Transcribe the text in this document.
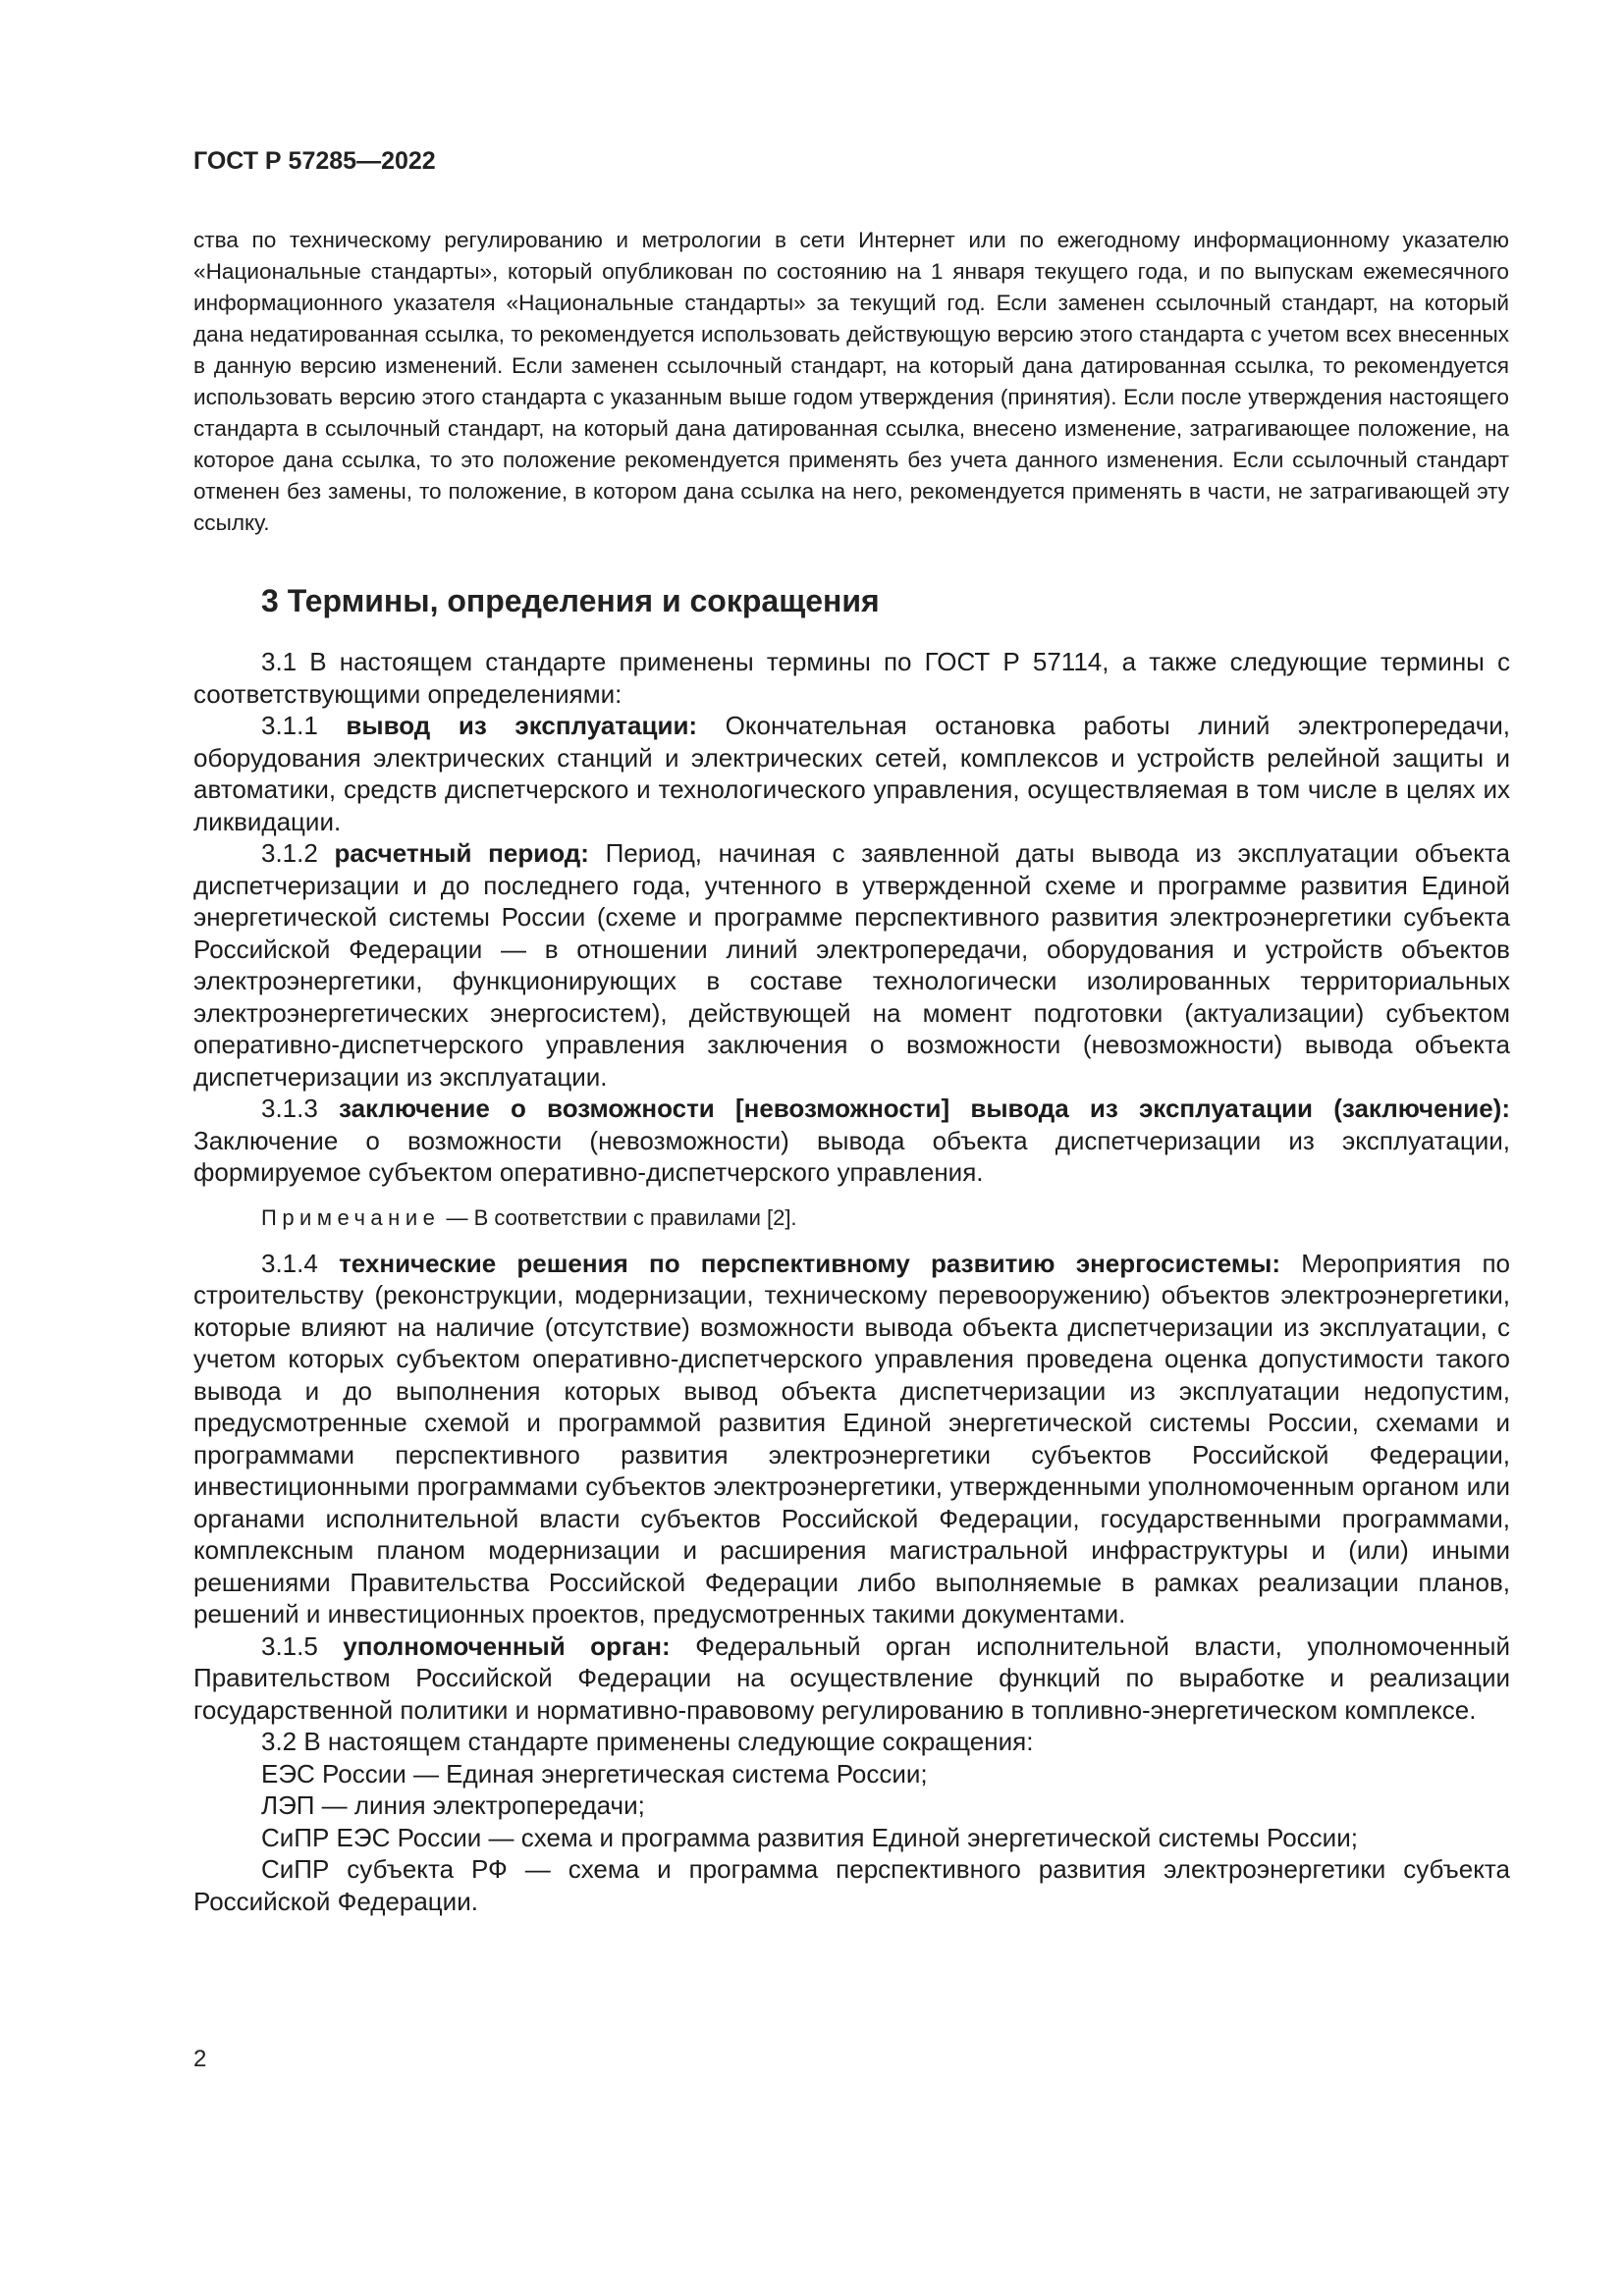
ГОСТ Р 57285—2022
ства по техническому регулированию и метрологии в сети Интернет или по ежегодному информационному указателю «Национальные стандарты», который опубликован по состоянию на 1 января текущего года, и по выпускам ежемесячного информационного указателя «Национальные стандарты» за текущий год. Если заменен ссылочный стандарт, на который дана недатированная ссылка, то рекомендуется использовать действующую версию этого стандарта с учетом всех внесенных в данную версию изменений. Если заменен ссылочный стандарт, на который дана датированная ссылка, то рекомендуется использовать версию этого стандарта с указанным выше годом утверждения (принятия). Если после утверждения настоящего стандарта в ссылочный стандарт, на который дана датированная ссылка, внесено изменение, затрагивающее положение, на которое дана ссылка, то это положение рекомендуется применять без учета данного изменения. Если ссылочный стандарт отменен без замены, то положение, в котором дана ссылка на него, рекомендуется применять в части, не затрагивающей эту ссылку.
3 Термины, определения и сокращения

3.1 В настоящем стандарте применены термины по ГОСТ Р 57114, а также следующие термины с соответствующими определениями:

3.1.1 вывод из эксплуатации: Окончательная остановка работы линий электропередачи, оборудования электрических станций и электрических сетей, комплексов и устройств релейной защиты и автоматики, средств диспетчерского и технологического управления, осуществляемая в том числе в целях их ликвидации.

3.1.2 расчетный период: Период, начиная с заявленной даты вывода из эксплуатации объекта диспетчеризации и до последнего года, учтенного в утвержденной схеме и программе развития Единой энергетической системы России (схеме и программе перспективного развития электроэнергетики субъекта Российской Федерации — в отношении линий электропередачи, оборудования и устройств объектов электроэнергетики, функционирующих в составе технологически изолированных территориальных электроэнергетических энергосистем), действующей на момент подготовки (актуализации) субъектом оперативно-диспетчерского управления заключения о возможности (невозможности) вывода объекта диспетчеризации из эксплуатации.

3.1.3 заключение о возможности [невозможности] вывода из эксплуатации (заключение): Заключение о возможности (невозможности) вывода объекта диспетчеризации из эксплуатации, формируемое субъектом оперативно-диспетчерского управления.

Примечание — В соответствии с правилами [2].

3.1.4 технические решения по перспективному развитию энергосистемы: Мероприятия по строительству (реконструкции, модернизации, техническому перевооружению) объектов электроэнергетики, которые влияют на наличие (отсутствие) возможности вывода объекта диспетчеризации из эксплуатации, с учетом которых субъектом оперативно-диспетчерского управления проведена оценка допустимости такого вывода и до выполнения которых вывод объекта диспетчеризации из эксплуатации недопустим, предусмотренные схемой и программой развития Единой энергетической системы России, схемами и программами перспективного развития электроэнергетики субъектов Российской Федерации, инвестиционными программами субъектов электроэнергетики, утвержденными уполномоченным органом или органами исполнительной власти субъектов Российской Федерации, государственными программами, комплексным планом модернизации и расширения магистральной инфраструктуры и (или) иными решениями Правительства Российской Федерации либо выполняемые в рамках реализации планов, решений и инвестиционных проектов, предусмотренных такими документами.

3.1.5 уполномоченный орган: Федеральный орган исполнительной власти, уполномоченный Правительством Российской Федерации на осуществление функций по выработке и реализации государственной политики и нормативно-правовому регулированию в топливно-энергетическом комплексе.

3.2 В настоящем стандарте применены следующие сокращения:

ЕЭС России — Единая энергетическая система России;

ЛЭП — линия электропередачи;

СиПР ЕЭС России — схема и программа развития Единой энергетической системы России;

СиПР субъекта РФ — схема и программа перспективного развития электроэнергетики субъекта Российской Федерации.

2
